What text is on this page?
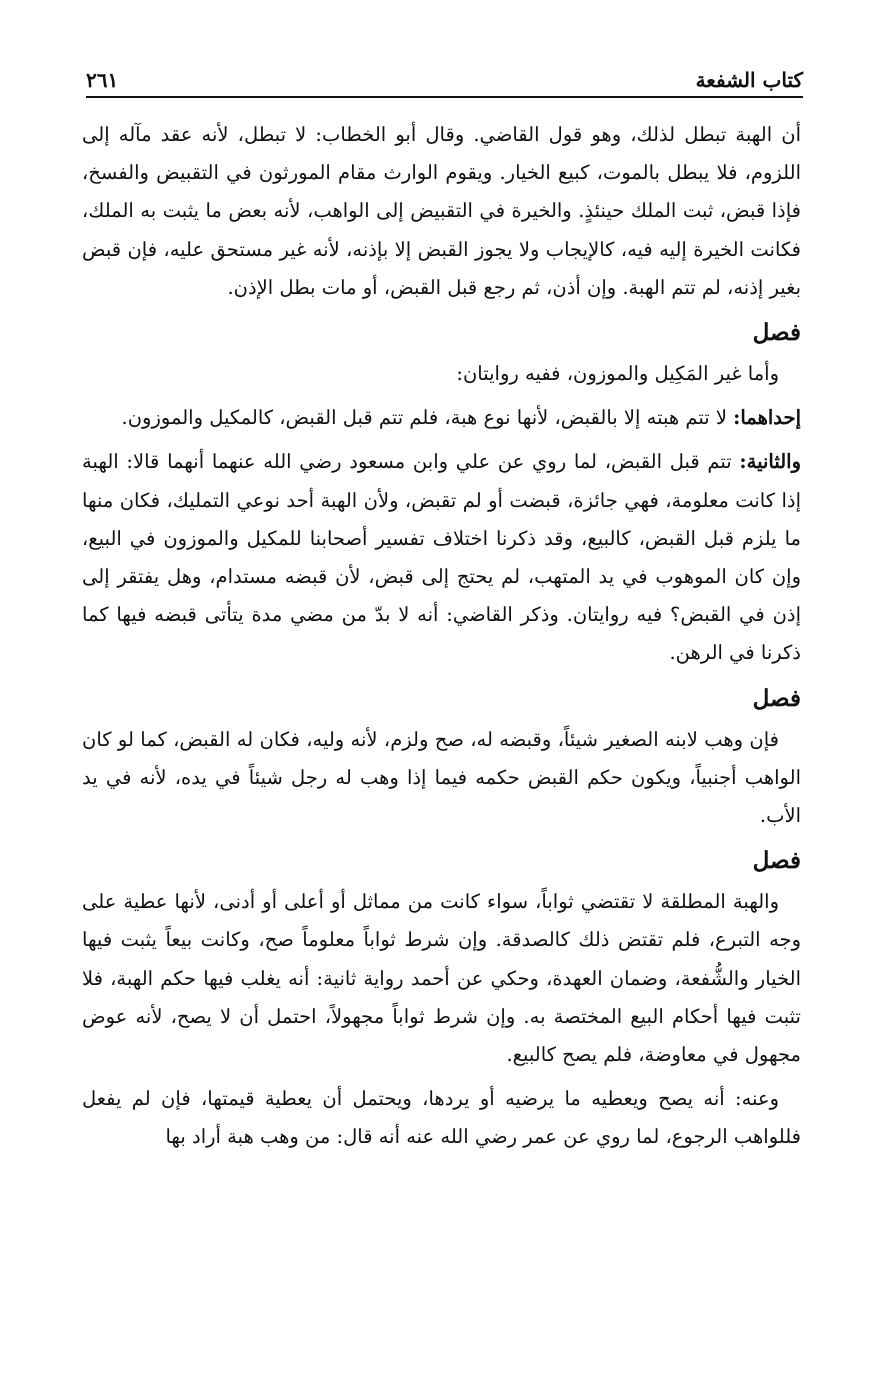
كتاب الشفعة
٢٦١

أن الهبة تبطل لذلك، وهو قول القاضي. وقال أبو الخطاب: لا تبطل، لأنه عقد مآله إلى اللزوم، فلا يبطل بالموت، كبيع الخيار. ويقوم الوارث مقام المورثون في التقبيض والفسخ، فإذا قبض، ثبت الملك حينئذٍ. والخيرة في التقبيض إلى الواهب، لأنه بعض ما يثبت به الملك، فكانت الخيرة إليه فيه، كالإيجاب ولا يجوز القبض إلا بإذنه، لأنه غير مستحق عليه، فإن قبض بغير إذنه، لم تتم الهبة. وإن أذن، ثم رجع قبل القبض، أو مات بطل الإذن.

فصل

وأما غير المَكِيل والموزون، ففيه روايتان:

إحداهما: لا تتم هبته إلا بالقبض، لأنها نوع هبة، فلم تتم قبل القبض، كالمكيل والموزون.

والثانية: تتم قبل القبض، لما روي عن علي وابن مسعود رضي الله عنهما أنهما قالا: الهبة إذا كانت معلومة، فهي جائزة، قبضت أو لم تقبض، ولأن الهبة أحد نوعي التمليك، فكان منها ما يلزم قبل القبض، كالبيع، وقد ذكرنا اختلاف تفسير أصحابنا للمكيل والموزون في البيع، وإن كان الموهوب في يد المتهب، لم يحتج إلى قبض، لأن قبضه مستدام، وهل يفتقر إلى إذن في القبض؟ فيه روايتان. وذكر القاضي: أنه لا بدّ من مضي مدة يتأتى قبضه فيها كما ذكرنا في الرهن.

فصل

فإن وهب لابنه الصغير شيئاً، وقبضه له، صح ولزم، لأنه وليه، فكان له القبض، كما لو كان الواهب أجنبياً، ويكون حكم القبض حكمه فيما إذا وهب له رجل شيئاً في يده، لأنه في يد الأب.

فصل

والهبة المطلقة لا تقتضي ثواباً، سواء كانت من مماثل أو أعلى أو أدنى، لأنها عطية على وجه التبرع، فلم تقتض ذلك كالصدقة. وإن شرط ثواباً معلوماً صح، وكانت بيعاً يثبت فيها الخيار والشُّفعة، وضمان العهدة، وحكي عن أحمد رواية ثانية: أنه يغلب فيها حكم الهبة، فلا تثبت فيها أحكام البيع المختصة به. وإن شرط ثواباً مجهولاً، احتمل أن لا يصح، لأنه عوض مجهول في معاوضة، فلم يصح كالبيع.

وعنه: أنه يصح ويعطيه ما يرضيه أو يردها، ويحتمل أن يعطية قيمتها، فإن لم يفعل فللواهب الرجوع، لما روي عن عمر رضي الله عنه أنه قال: من وهب هبة أراد بها
